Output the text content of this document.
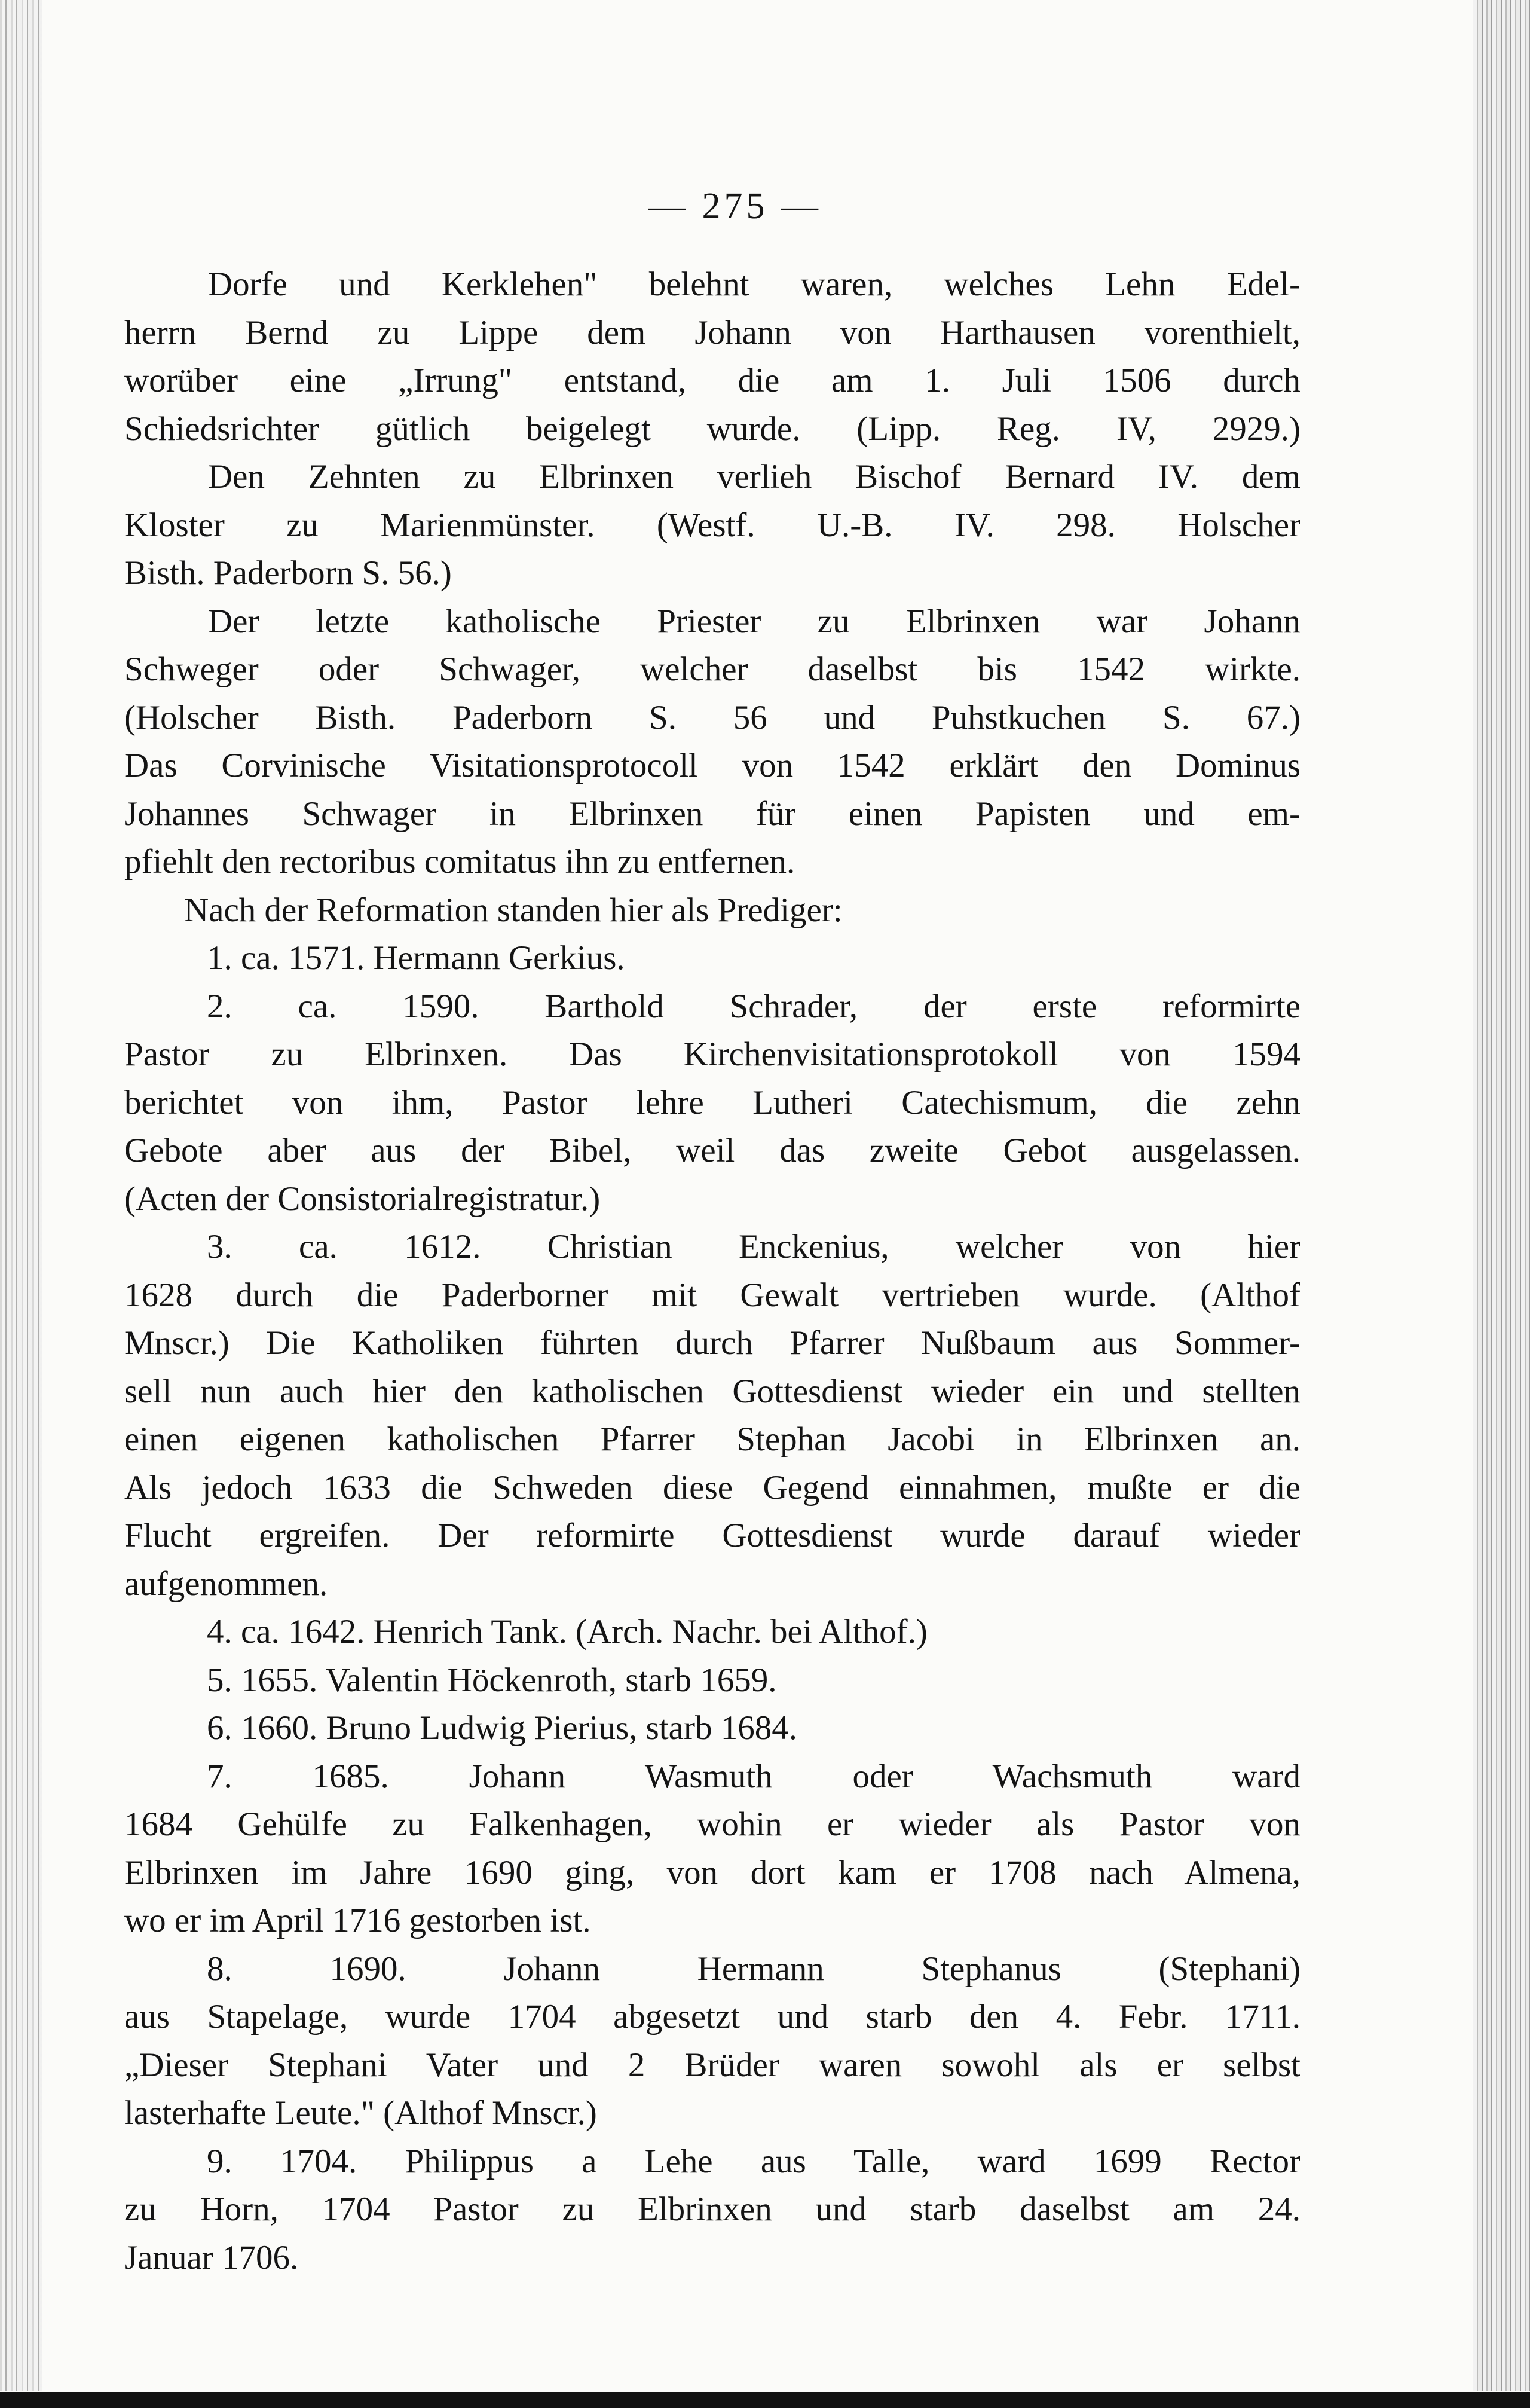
— 275 —
Dorfe und Kerklehen" belehnt waren, welches Lehn Edel-
herrn Bernd zu Lippe dem Johann von Harthausen vorenthielt,
worüber eine „Irrung" entstand, die am 1. Juli 1506 durch
Schiedsrichter gütlich beigelegt wurde. (Lipp. Reg. IV, 2929.)
Den Zehnten zu Elbrinxen verlieh Bischof Bernard IV. dem
Kloster zu Marienmünster. (Westf. U.-B. IV. 298. Holscher
Bisth. Paderborn S. 56.)
Der letzte katholische Priester zu Elbrinxen war Johann
Schweger oder Schwager, welcher daselbst bis 1542 wirkte.
(Holscher Bisth. Paderborn S. 56 und Puhstkuchen S. 67.)
Das Corvinische Visitationsprotocoll von 1542 erklärt den Dominus
Johannes Schwager in Elbrinxen für einen Papisten und em-
pfiehlt den rectoribus comitatus ihn zu entfernen.
Nach der Reformation standen hier als Prediger:
1. ca. 1571. Hermann Gerkius.
2. ca. 1590. Barthold Schrader, der erste reformirte
Pastor zu Elbrinxen. Das Kirchenvisitationsprotokoll von 1594
berichtet von ihm, Pastor lehre Lutheri Catechismum, die zehn
Gebote aber aus der Bibel, weil das zweite Gebot ausgelassen.
(Acten der Consistorialregistratur.)
3. ca. 1612. Christian Enckenius, welcher von hier
1628 durch die Paderborner mit Gewalt vertrieben wurde. (Althof
Mnscr.) Die Katholiken führten durch Pfarrer Nußbaum aus Sommer-
sell nun auch hier den katholischen Gottesdienst wieder ein und stellten
einen eigenen katholischen Pfarrer Stephan Jacobi in Elbrinxen an.
Als jedoch 1633 die Schweden diese Gegend einnahmen, mußte er die
Flucht ergreifen. Der reformirte Gottesdienst wurde darauf wieder
aufgenommen.
4. ca. 1642. Henrich Tank. (Arch. Nachr. bei Althof.)
5. 1655. Valentin Höckenroth, starb 1659.
6. 1660. Bruno Ludwig Pierius, starb 1684.
7. 1685. Johann Wasmuth oder Wachsmuth ward
1684 Gehülfe zu Falkenhagen, wohin er wieder als Pastor von
Elbrinxen im Jahre 1690 ging, von dort kam er 1708 nach Almena,
wo er im April 1716 gestorben ist.
8. 1690. Johann Hermann Stephanus (Stephani)
aus Stapelage, wurde 1704 abgesetzt und starb den 4. Febr. 1711.
„Dieser Stephani Vater und 2 Brüder waren sowohl als er selbst
lasterhafte Leute." (Althof Mnscr.)
9. 1704. Philippus a Lehe aus Talle, ward 1699 Rector
zu Horn, 1704 Pastor zu Elbrinxen und starb daselbst am 24.
Januar 1706.
